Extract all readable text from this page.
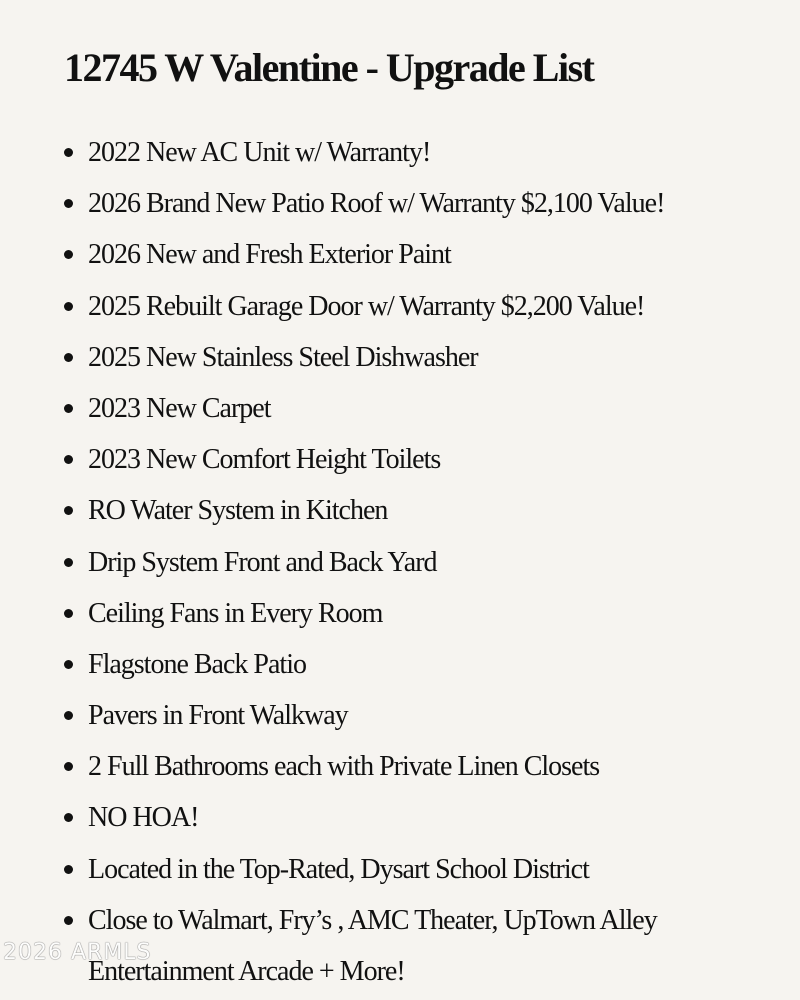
12745 W Valentine - Upgrade List
2022 New AC Unit w/ Warranty!
2026 Brand New Patio Roof w/ Warranty $2,100 Value!
2026 New and Fresh Exterior Paint
2025 Rebuilt Garage Door w/ Warranty $2,200 Value!
2025 New Stainless Steel Dishwasher
2023 New Carpet
2023 New Comfort Height Toilets
RO Water System in Kitchen
Drip System Front and Back Yard
Ceiling Fans in Every Room
Flagstone Back Patio
Pavers in Front Walkway
2 Full Bathrooms each with Private Linen Closets
NO HOA!
Located in the Top-Rated, Dysart School District
Close to Walmart, Fry’s , AMC Theater, UpTown Alley
Entertainment Arcade + More!
2026 ARMLS
